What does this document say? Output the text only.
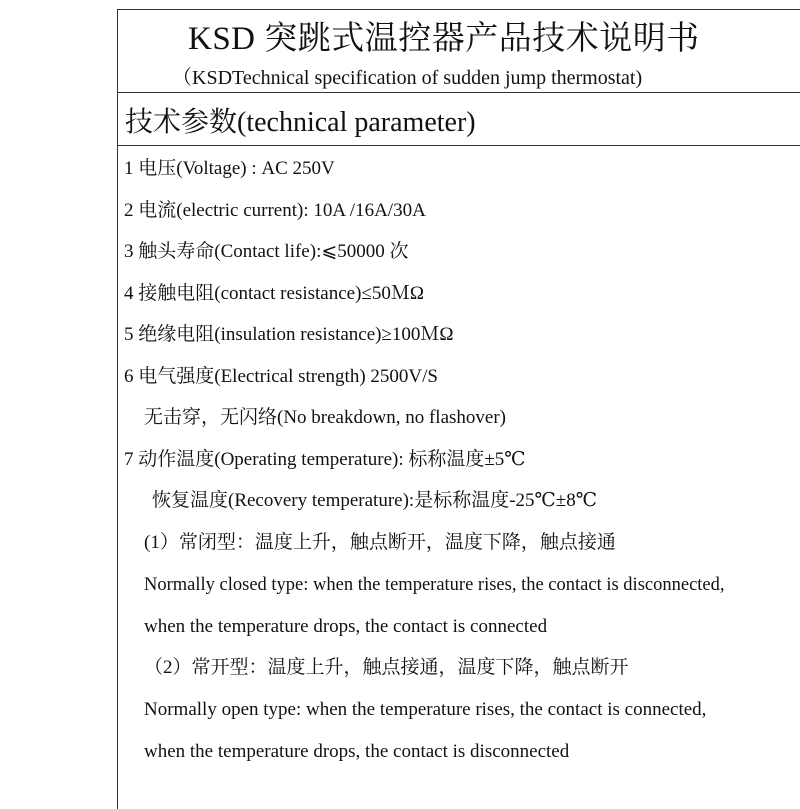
KSD 突跳式温控器产品技术说明书
（KSDTechnical specification of sudden jump thermostat)
技术参数(technical parameter)
1 电压(Voltage) : AC 250V
2 电流(electric current): 10A /16A/30A
3 触头寿命(Contact life):⩽50000 次
4 接触电阻(contact resistance)≤50ＭΩ
5 绝缘电阻(insulation resistance)≥100ＭΩ
6 电气强度(Electrical strength) 2500V/S
无击穿，无闪络(No breakdown, no flashover)
7 动作温度(Operating temperature): 标称温度±5℃
恢复温度(Recovery temperature):是标称温度-25℃±8℃
(1）常闭型：温度上升，触点断开，温度下降，触点接通
Normally closed type: when the temperature rises, the contact is disconnected,
when the temperature drops, the contact is connected
（2）常开型：温度上升，触点接通，温度下降，触点断开
Normally open type: when the temperature rises, the contact is connected,
when the temperature drops, the contact is disconnected
